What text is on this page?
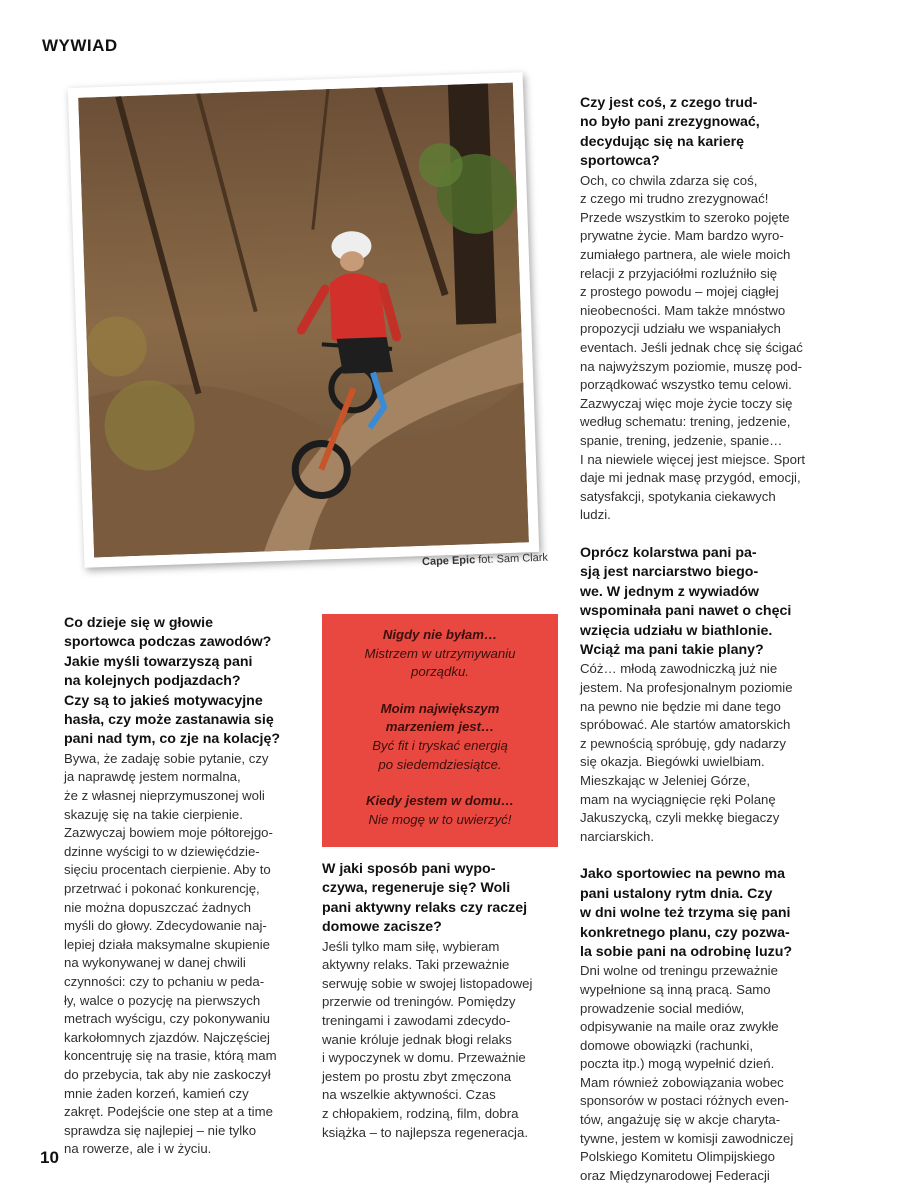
WYWIAD
Cape Epic fot: Sam Clark
Nigdy nie byłam…
Mistrzem w utrzymywaniu
porządku.
Moim największym
marzeniem jest…
Być fit i tryskać energią
po siedemdziesiątce.
Kiedy jestem w domu…
Nie mogę w to uwierzyć!

Co dzieje się w głowie

sportowca podczas zawodów?

Jakie myśli towarzyszą pani

na kolejnych podjazdach?

Czy są to jakieś motywacyjne

hasła, czy może zastanawia się

pani nad tym, co zje na kolację?

Bywa, że zadaję sobie pytanie, czy

ja naprawdę jestem normalna,

że z własnej nieprzymuszonej woli

skazuję się na takie cierpienie.

Zazwyczaj bowiem moje półtorejgo-

dzinne wyścigi to w dziewięćdzie-

sięciu procentach cierpienie. Aby to

przetrwać i pokonać konkurencję,

nie można dopuszczać żadnych

myśli do głowy. Zdecydowanie naj-

lepiej działa maksymalne skupienie

na wykonywanej w danej chwili

czynności: czy to pchaniu w peda-

ły, walce o pozycję na pierwszych

metrach wyścigu, czy pokonywaniu

karkołomnych zjazdów. Najczęściej

koncentruję się na trasie, którą mam

do przebycia, tak aby nie zaskoczył

mnie żaden korzeń, kamień czy

zakręt. Podejście one step at a time

sprawdza się najlepiej – nie tylko

na rowerze, ale i w życiu.

W jaki sposób pani wypo-

czywa, regeneruje się? Woli

pani aktywny relaks czy raczej

domowe zacisze?

Jeśli tylko mam siłę, wybieram

aktywny relaks. Taki przeważnie

serwuję sobie w swojej listopadowej

przerwie od treningów. Pomiędzy

treningami i zawodami zdecydo-

wanie króluje jednak błogi relaks

i wypoczynek w domu. Przeważnie

jestem po prostu zbyt zmęczona

na wszelkie aktywności. Czas

z chłopakiem, rodziną, film, dobra

książka – to najlepsza regeneracja.

Czy jest coś, z czego trud-

no było pani zrezygnować,

decydując się na karierę

sportowca?

Och, co chwila zdarza się coś,

z czego mi trudno zrezygnować!

Przede wszystkim to szeroko pojęte

prywatne życie. Mam bardzo wyro-

zumiałego partnera, ale wiele moich

relacji z przyjaciółmi rozluźniło się

z prostego powodu – mojej ciągłej

nieobecności. Mam także mnóstwo

propozycji udziału we wspaniałych

eventach. Jeśli jednak chcę się ścigać

na najwyższym poziomie, muszę pod-

porządkować wszystko temu celowi.

Zazwyczaj więc moje życie toczy się

według schematu: trening, jedzenie,

spanie, trening, jedzenie, spanie…

I na niewiele więcej jest miejsce. Sport

daje mi jednak masę przygód, emocji,

satysfakcji, spotykania ciekawych

ludzi.

Oprócz kolarstwa pani pa-

sją jest narciarstwo biego-

we. W jednym z wywiadów

wspominała pani nawet o chęci

wzięcia udziału w biathlonie.

Wciąż ma pani takie plany?

Cóż… młodą zawodniczką już nie

jestem. Na profesjonalnym poziomie

na pewno nie będzie mi dane tego

spróbować. Ale startów amatorskich

z pewnością spróbuję, gdy nadarzy

się okazja. Biegówki uwielbiam.

Mieszkając w Jeleniej Górze,

mam na wyciągnięcie ręki Polanę

Jakuszycką, czyli mekkę biegaczy

narciarskich.

Jako sportowiec na pewno ma

pani ustalony rytm dnia. Czy

w dni wolne też trzyma się pani

konkretnego planu, czy pozwa-

la sobie pani na odrobinę luzu?

Dni wolne od treningu przeważnie

wypełnione są inną pracą. Samo

prowadzenie social mediów,

odpisywanie na maile oraz zwykłe

domowe obowiązki (rachunki,

poczta itp.) mogą wypełnić dzień.

Mam również zobowiązania wobec

sponsorów w postaci różnych even-

tów, angażuję się w akcje charyta-

tywne, jestem w komisji zawodniczej

Polskiego Komitetu Olimpijskiego

oraz Międzynarodowej Federacji

10
